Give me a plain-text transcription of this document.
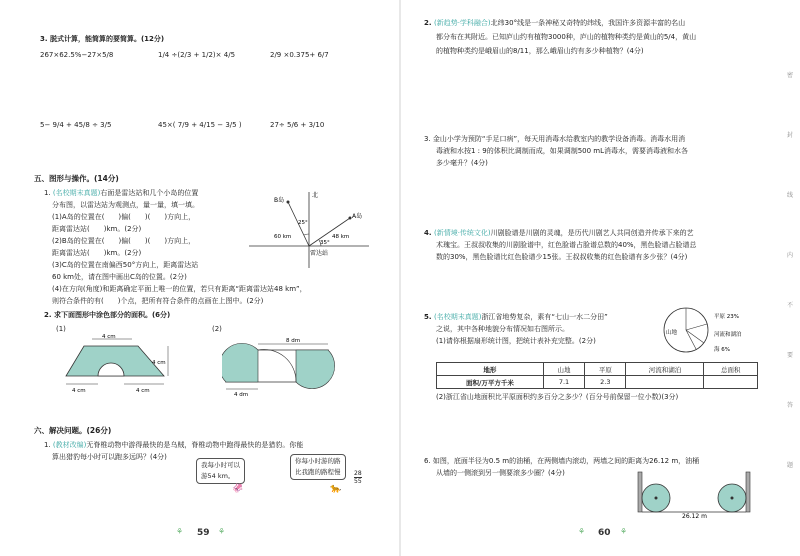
3. 脱式计算，能简算的要简算。(12分)
267×62.5%−27×5/8	1/4 ÷(2/3 + 1/2)× 4/5	2/9 ×0.375+ 6/7
5− 9/4 + 45/8 ÷ 3/5	45×( 7/9 + 4/15 − 3/5 )	27÷ 5/6 + 3/10
五、图形与操作。(14分)
1. (名校期末真题)右面是雷达站和几个小岛的位置
分布图，以雷达站为观测点，量一量，填一填。
(1)A岛的位置在(　　)偏(　　)(　　)方向上，
距离雷达站(　　)km。(2分)
(2)B岛的位置在(　　)偏(　　)(　　)方向上，
距离雷达站(　　)km。(2分)
(3)C岛的位置在南偏西50°方向上，距离雷达站
60 km处，请在图中画出C岛的位置。(2分)
(4)在方向(角度)和距离确定平面上唯一的位置，若只有距离“距离雷达站48 km”，
则符合条件的有(　　)个点，把所有符合条件的点画在上图中。(2分)
北
B岛
A岛
雷达站
25°
35°
60 km	48 km
2. 求下面图形中涂色部分的面积。(6分)
(1)	(2)
4 cm
4 cm
4 cm	4 cm
8 dm
4 dm
六、解决问题。(26分)
1. (教材改编)无脊椎动物中游得最快的是乌贼，脊椎动物中跑得最快的是猎豹。你能
算出猎豹每小时可以跑多远吗？(4分)
我每小时可以
游54 km。
你每小时游的路
比我跑的路程慢 28
55
🦑	🐆
⚘ 59 ⚘
2. (新趋势·学科融合)北纬30°线是一条神秘又奇特的纬线，我国许多资源丰富的名山
都分布在其附近。已知庐山约有植物3000种，庐山的植物种类约是黄山的5/4，黄山
的植物种类约是峨眉山的8/11，那么峨眉山约有多少种植物？(4分)
3. 金山小学为预防“手足口病”，每天用消毒水给教室内的教学设备消毒。消毒水用消
毒液和水按1 : 9的体积比调制而成，如果调制500 mL消毒水，需要消毒液和水各
多少毫升？(4分)
4. (新情境·传统文化)川剧脸谱是川剧的灵魂，是历代川剧艺人共同创造并传承下来的艺
术瑰宝。王叔叔收集的川剧脸谱中，红色脸谱占脸谱总数的40%，黑色脸谱占脸谱总
数的30%，黑色脸谱比红色脸谱少15张。王叔叔收集的红色脸谱有多少张？(4分)
5. (名校期末真题)浙江省地势复杂，素有“七山一水二分田”
之说，其中各种地貌分布情况如右图所示。
(1)请你根据扇形统计图，把统计表补充完整。(2分)
山地
平原 23%
河流和湖泊
海 6%
地形	山地	平原	河流和湖泊	总面积
面积/万平方千米	7.1	2.3		
(2)浙江省山地面积比平原面积约多百分之多少？(百分号前保留一位小数)(3分)
6. 如图，底面半径为0.5 m的油桶，在两侧墙内滚动，两墙之间的距离为26.12 m，油桶
从墙的一侧滚到另一侧要滚多少圈？(4分)
26.12 m
⚘ 60 ⚘
密
封
线
内
不
要
答
题
